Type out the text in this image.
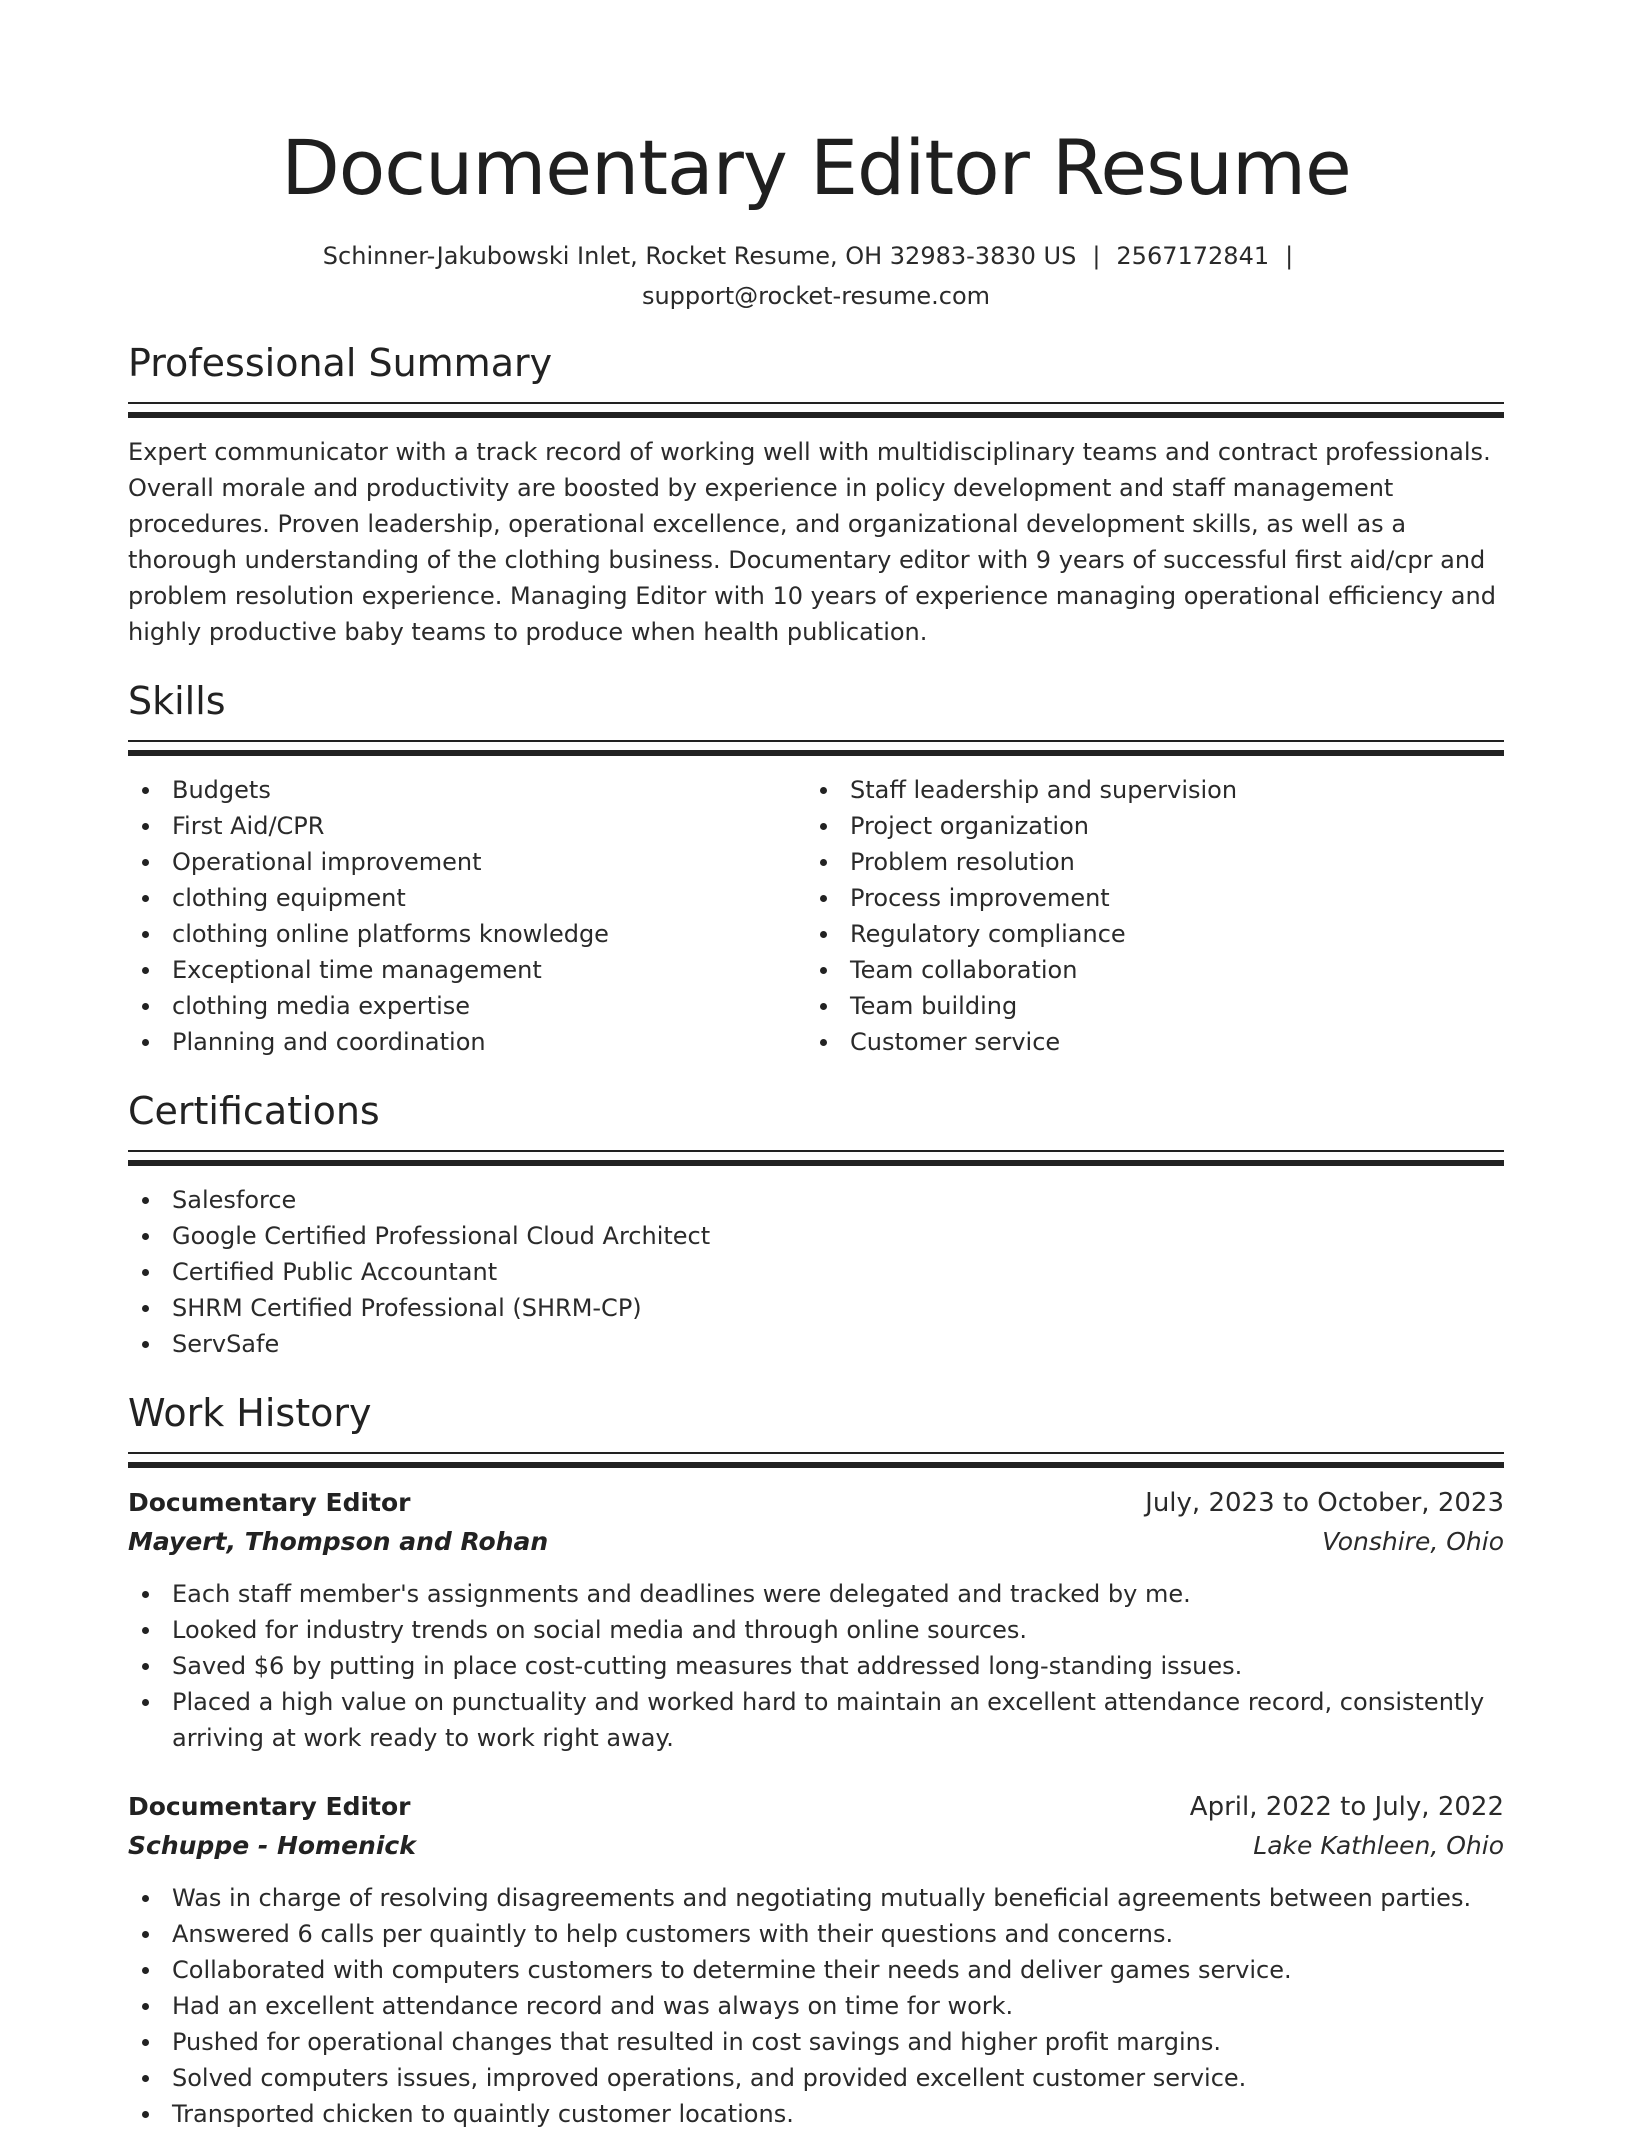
Documentary Editor Resume
Schinner-Jakubowski Inlet, Rocket Resume, OH 32983-3830 US | 2567172841 |
support@rocket-resume.com
Professional Summary

Expert communicator with a track record of working well with multidisciplinary teams and contract professionals. Overall morale and productivity are boosted by experience in policy development and staff management procedures. Proven leadership, operational excellence, and organizational development skills, as well as a thorough understanding of the clothing business. Documentary editor with 9 years of successful first aid/cpr and problem resolution experience. Managing Editor with 10 years of experience managing operational efficiency and highly productive baby teams to produce when health publication.

Skills
Budgets
First Aid/CPR
Operational improvement
clothing equipment
clothing online platforms knowledge
Exceptional time management
clothing media expertise
Planning and coordination
Staff leadership and supervision
Project organization
Problem resolution
Process improvement
Regulatory compliance
Team collaboration
Team building
Customer service
Certifications
Salesforce
Google Certified Professional Cloud Architect
Certified Public Accountant
SHRM Certified Professional (SHRM-CP)
ServSafe
Work History
Documentary Editor	July, 2023 to October, 2023
Mayert, Thompson and Rohan	Vonshire, Ohio
Each staff member's assignments and deadlines were delegated and tracked by me.
Looked for industry trends on social media and through online sources.
Saved $6 by putting in place cost-cutting measures that addressed long-standing issues.
Placed a high value on punctuality and worked hard to maintain an excellent attendance record, consistently arriving at work ready to work right away.
Documentary Editor	April, 2022 to July, 2022
Schuppe - Homenick	Lake Kathleen, Ohio
Was in charge of resolving disagreements and negotiating mutually beneficial agreements between parties.
Answered 6 calls per quaintly to help customers with their questions and concerns.
Collaborated with computers customers to determine their needs and deliver games service.
Had an excellent attendance record and was always on time for work.
Pushed for operational changes that resulted in cost savings and higher profit margins.
Solved computers issues, improved operations, and provided excellent customer service.
Transported chicken to quaintly customer locations.
